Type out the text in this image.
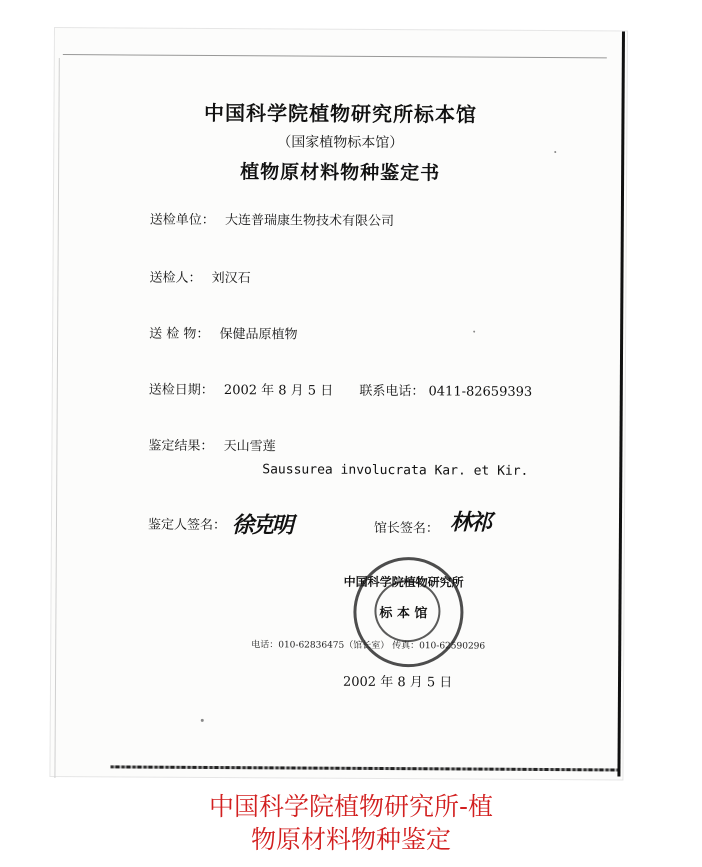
中国科学院植物研究所标本馆
（国家植物标本馆）
植物原材料物种鉴定书
送检单位： 大连普瑞康生物技术有限公司
送检人： 刘汉石
送 检 物： 保健品原植物
送检日期： 2002 年 8 月 5 日 联系电话： 0411-82659393
鉴定结果： 天山雪莲
Saussurea involucrata Kar. et Kir.
鉴定人签名： 徐克明	馆长签名： 林祁
中国科学院植物研究所
标 本 馆
电话：010-62836475（馆长室） 传真：010-62590296
2002 年 8 月 5 日
中国科学院植物研究所-植
物原材料物种鉴定
